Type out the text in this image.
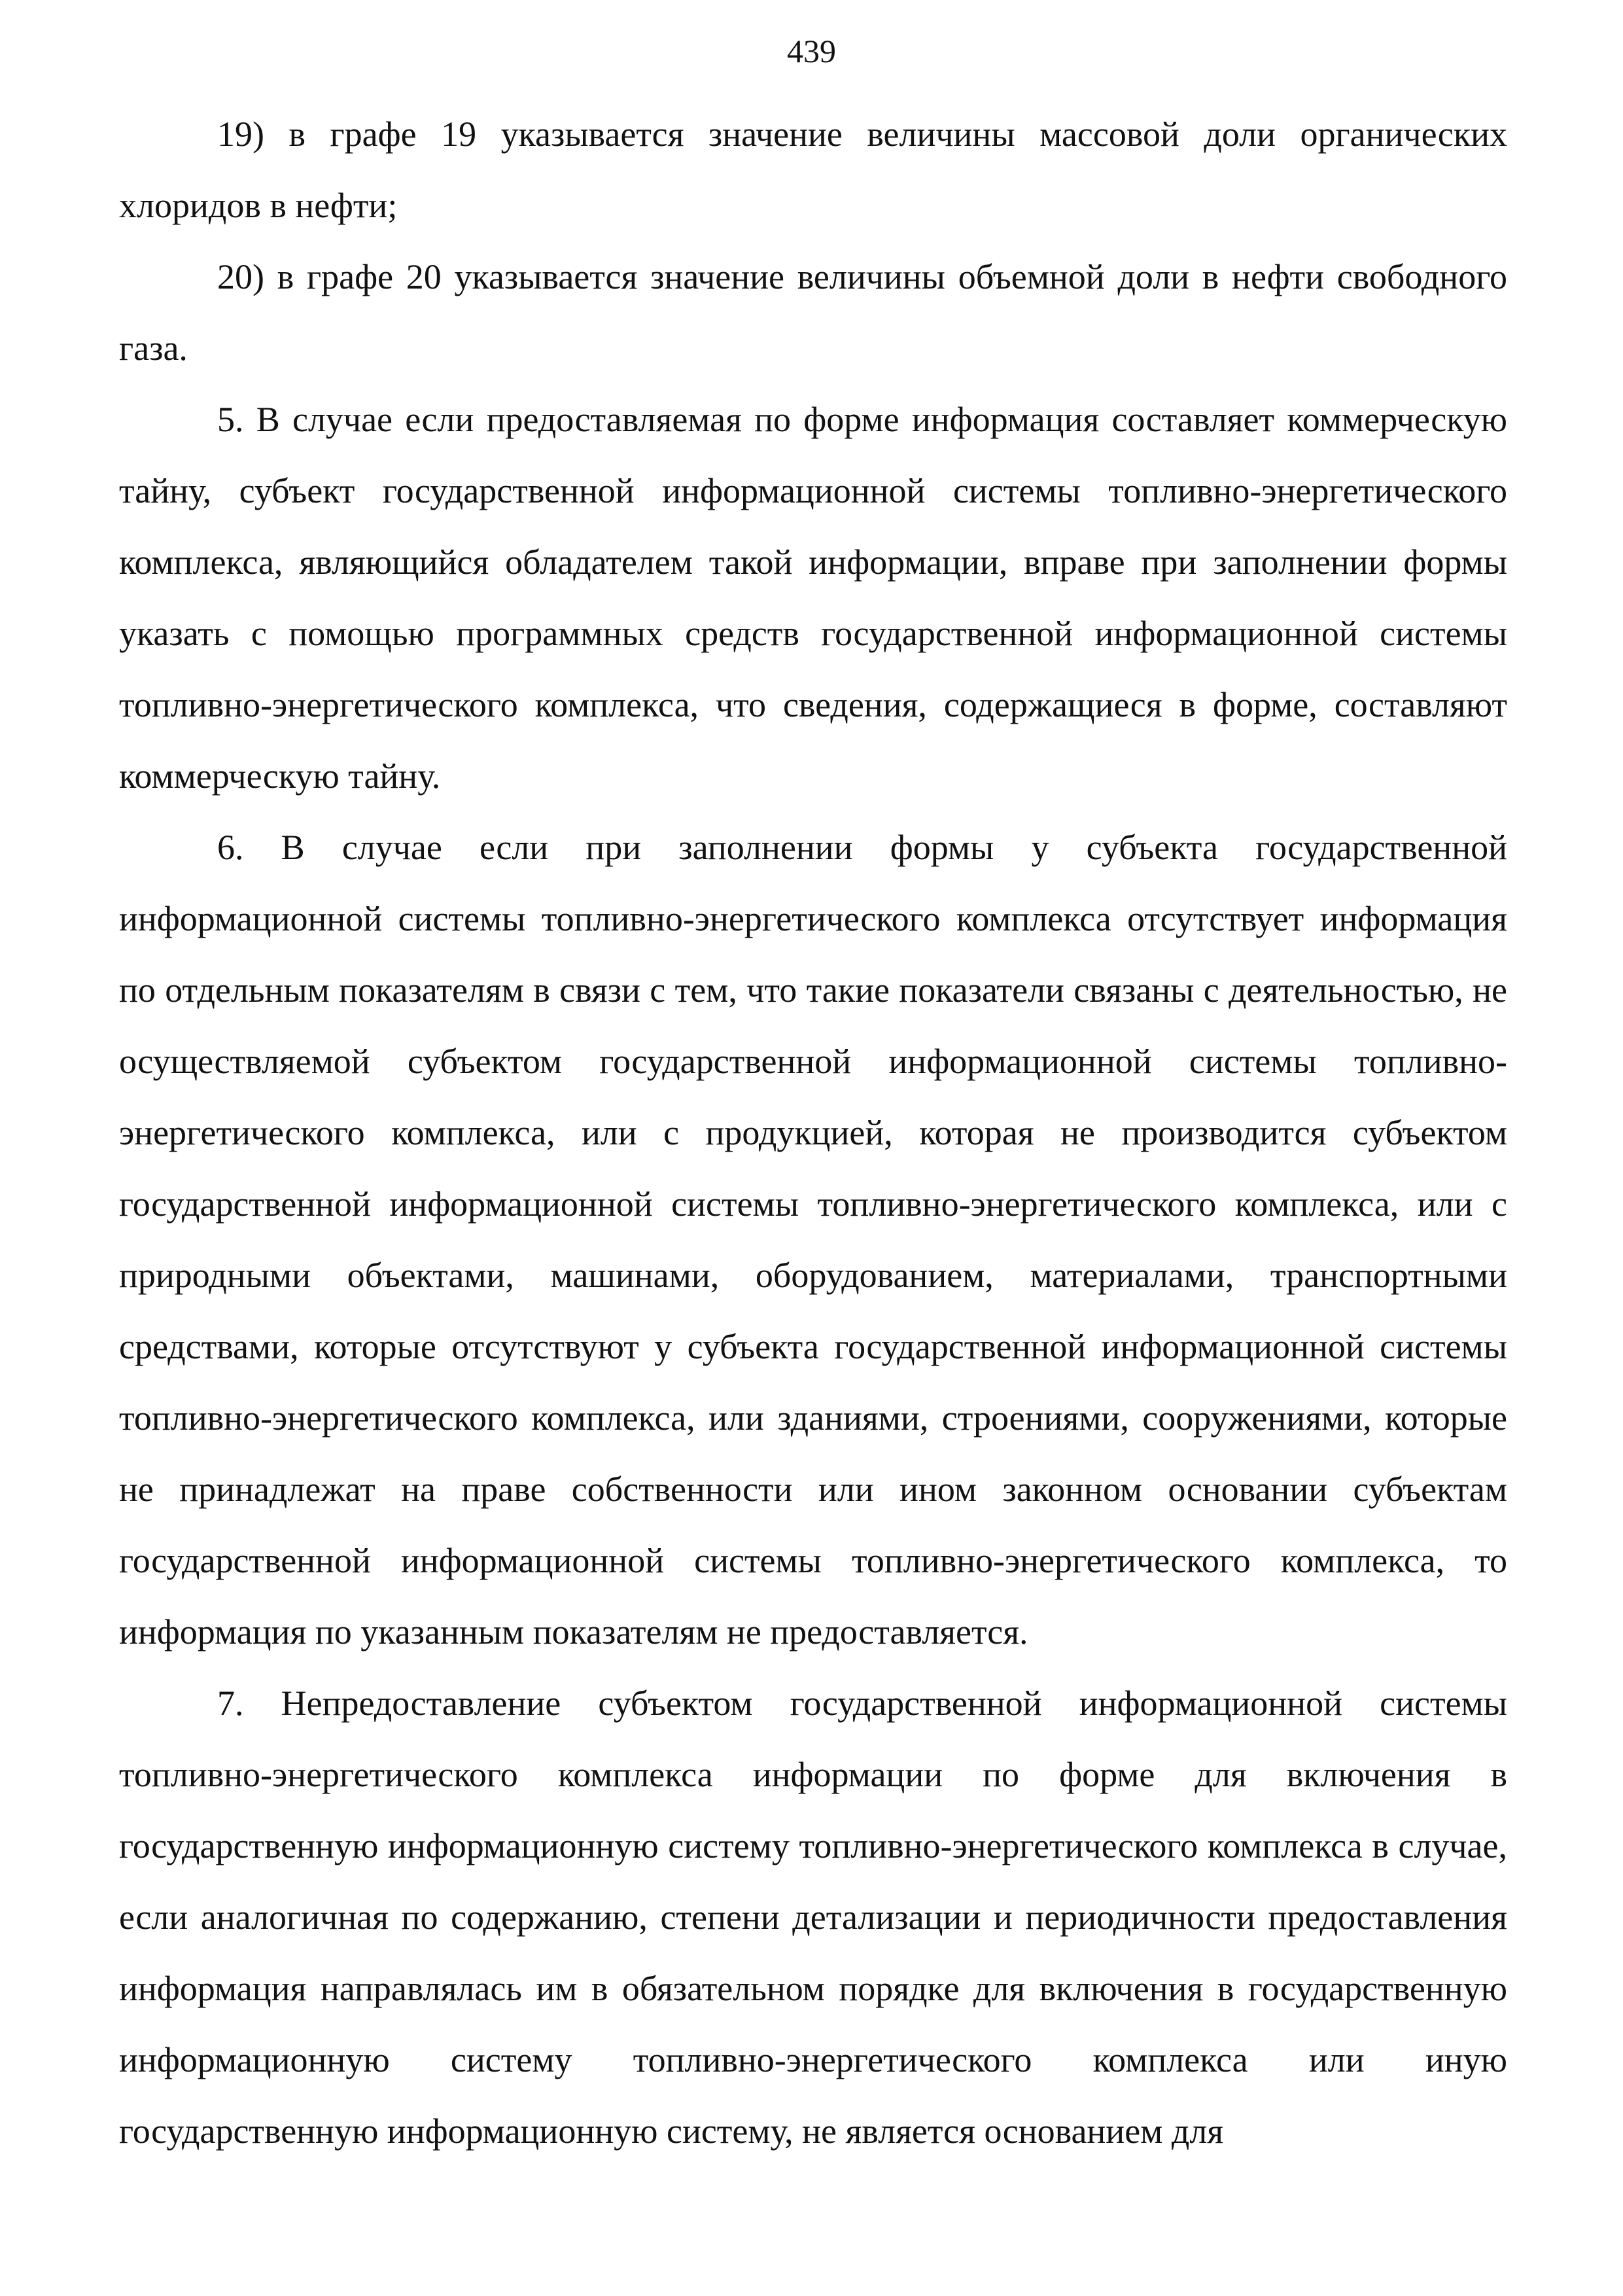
439

19) в графе 19 указывается значение величины массовой доли органических хлоридов в нефти;

20) в графе 20 указывается значение величины объемной доли в нефти свободного газа.

5. В случае если предоставляемая по форме информация составляет коммерческую тайну, субъект государственной информационной системы топливно-энергетического комплекса, являющийся обладателем такой информации, вправе при заполнении формы указать с помощью программных средств государственной информационной системы топливно-энергетического комплекса, что сведения, содержащиеся в форме, составляют коммерческую тайну.

6. В случае если при заполнении формы у субъекта государственной информационной системы топливно-энергетического комплекса отсутствует информация по отдельным показателям в связи с тем, что такие показатели связаны с деятельностью, не осуществляемой субъектом государственной информационной системы топливно-энергетического комплекса, или с продукцией, которая не производится субъектом государственной информационной системы топливно-энергетического комплекса, или с природными объектами, машинами, оборудованием, материалами, транспортными средствами, которые отсутствуют у субъекта государственной информационной системы топливно-энергетического комплекса, или зданиями, строениями, сооружениями, которые не принадлежат на праве собственности или ином законном основании субъектам государственной информационной системы топливно-энергетического комплекса, то информация по указанным показателям не предоставляется.

7. Непредоставление субъектом государственной информационной системы топливно-энергетического комплекса информации по форме для включения в государственную информационную систему топливно-энергетического комплекса в случае, если аналогичная по содержанию, степени детализации и периодичности предоставления информация направлялась им в обязательном порядке для включения в государственную информационную систему топливно-энергетического комплекса или иную государственную информационную систему, не является основанием для
